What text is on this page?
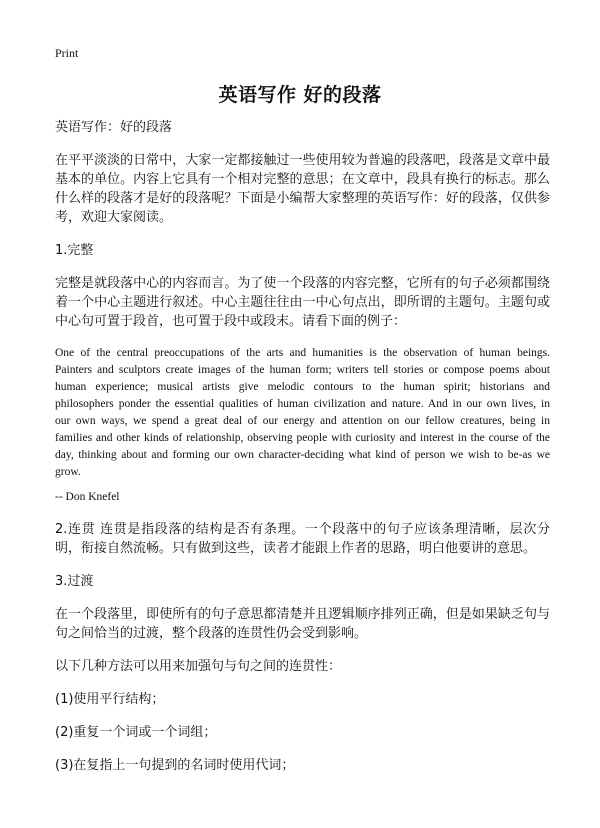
Print
英语写作 好的段落

英语写作：好的段落

在平平淡淡的日常中，大家一定都接触过一些使用较为普遍的段落吧，段落是文章中最基本的单位。内容上它具有一个相对完整的意思；在文章中，段具有换行的标志。那么什么样的段落才是好的段落呢？下面是小编帮大家整理的英语写作：好的段落，仅供参考，欢迎大家阅读。

1.完整

完整是就段落中心的内容而言。为了使一个段落的内容完整，它所有的句子必须都围绕着一个中心主题进行叙述。中心主题往往由一中心句点出，即所谓的主题句。主题句或中心句可置于段首，也可置于段中或段末。请看下面的例子：

One of the central preoccupations of the arts and humanities is the observation of human beings. Painters and sculptors create images of the human form; writers tell stories or compose poems about human experience; musical artists give melodic contours to the human spirit; historians and philosophers ponder the essential qualities of human civilization and nature. And in our own lives, in our own ways, we spend a great deal of our energy and attention on our fellow creatures, being in families and other kinds of relationship, observing people with curiosity and interest in the course of the day, thinking about and forming our own character-deciding what kind of person we wish to be-as we grow.

-- Don Knefel

2.连贯 连贯是指段落的结构是否有条理。一个段落中的句子应该条理清晰，层次分明，衔接自然流畅。只有做到这些，读者才能跟上作者的思路，明白他要讲的意思。

3.过渡

在一个段落里，即使所有的句子意思都清楚并且逻辑顺序排列正确，但是如果缺乏句与句之间恰当的过渡，整个段落的连贯性仍会受到影响。

以下几种方法可以用来加强句与句之间的连贯性：

(1)使用平行结构；

(2)重复一个词或一个词组；

(3)在复指上一句提到的名词时使用代词；
